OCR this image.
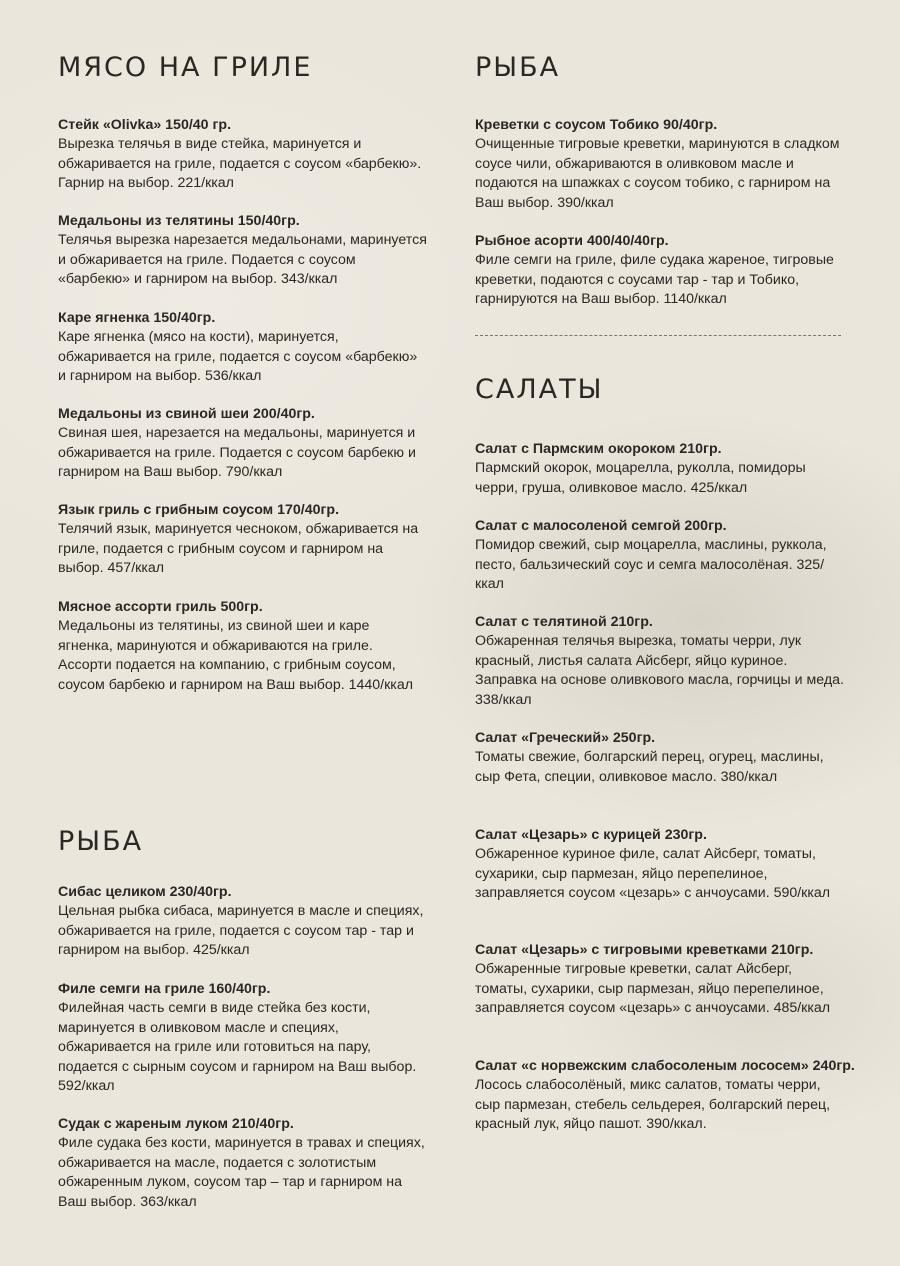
МЯСО НА ГРИЛЕ
Стейк «Olivka» 150/40 гр.
Вырезка телячья в виде стейка, маринуется и обжаривается на гриле, подается с соусом «барбекю». Гарнир на выбор. 221/ккал
Медальоны из телятины 150/40гр.
Телячья вырезка нарезается медальонами, маринуется и обжаривается на гриле. Подается с соусом «барбекю» и гарниром на выбор. 343/ккал
Каре ягненка 150/40гр.
Каре ягненка (мясо на кости), маринуется, обжаривается на гриле, подается с соусом «барбекю» и гарниром на выбор. 536/ккал
Медальоны из свиной шеи 200/40гр.
Свиная шея, нарезается на медальоны, маринуется и обжаривается на гриле. Подается с соусом барбекю и гарниром на Ваш выбор. 790/ккал
Язык гриль с грибным соусом 170/40гр.
Телячий язык, маринуется чесноком, обжаривается на гриле, подается с грибным соусом и гарниром на выбор. 457/ккал
Мясное ассорти гриль 500гр.
Медальоны из телятины, из свиной шеи и каре ягненка, маринуются и обжариваются на гриле. Ассорти подается на компанию, с грибным соусом, соусом барбекю и гарниром на Ваш выбор. 1440/ккал
РЫБА
Сибас целиком 230/40гр.
Цельная рыбка сибаса, маринуется в масле и специях, обжаривается на гриле, подается с соусом тар - тар и гарниром на выбор. 425/ккал
Филе семги на гриле 160/40гр.
Филейная часть семги в виде стейка без кости, маринуется в оливковом масле и специях, обжаривается на гриле или готовиться на пару, подается с сырным соусом и гарниром на Ваш выбор. 592/ккал
Судак с жареным луком 210/40гр.
Филе судака без кости, маринуется в травах и специях, обжаривается на масле, подается с золотистым обжаренным луком, соусом тар – тар и гарниром на Ваш выбор. 363/ккал
РЫБА
Креветки с соусом Тобико 90/40гр.
Очищенные тигровые креветки, маринуются в сладком соусе чили, обжариваются в оливковом масле и подаются на шпажках с соусом тобико, с гарниром на Ваш выбор. 390/ккал
Рыбное асорти 400/40/40гр.
Филе семги на гриле, филе судака жареное, тигровые креветки, подаются с соусами тар - тар и Тобико, гарнируются на Ваш выбор. 1140/ккал
САЛАТЫ
Салат с Пармским окороком 210гр.
Пармский окорок, моцарелла, руколла, помидоры черри, груша, оливковое масло. 425/ккал
Салат с малосоленой семгой 200гр.
Помидор свежий, сыр моцарелла, маслины, руккола, песто, бальзический соус и семга малосолёная. 325/ккал
Салат с телятиной 210гр.
Обжаренная телячья вырезка, томаты черри, лук красный, листья салата Айсберг, яйцо куриное. Заправка на основе оливкового масла, горчицы и меда. 338/ккал
Салат «Греческий» 250гр.
Томаты свежие, болгарский перец, огурец, маслины, сыр Фета, специи, оливковое масло. 380/ккал
Салат «Цезарь» с курицей 230гр.
Обжаренное куриное филе, салат Айсберг, томаты, сухарики, сыр пармезан, яйцо перепелиное, заправляется соусом «цезарь» с анчоусами. 590/ккал
Салат «Цезарь» с тигровыми креветками 210гр.
Обжаренные тигровые креветки, салат Айсберг, томаты, сухарики, сыр пармезан, яйцо перепелиное, заправляется соусом «цезарь» с анчоусами. 485/ккал
Салат «с норвежским слабосоленым лососем» 240гр.
Лосось слабосолёный, микс салатов, томаты черри, сыр пармезан, стебель сельдерея, болгарский перец, красный лук, яйцо пашот. 390/ккал.
